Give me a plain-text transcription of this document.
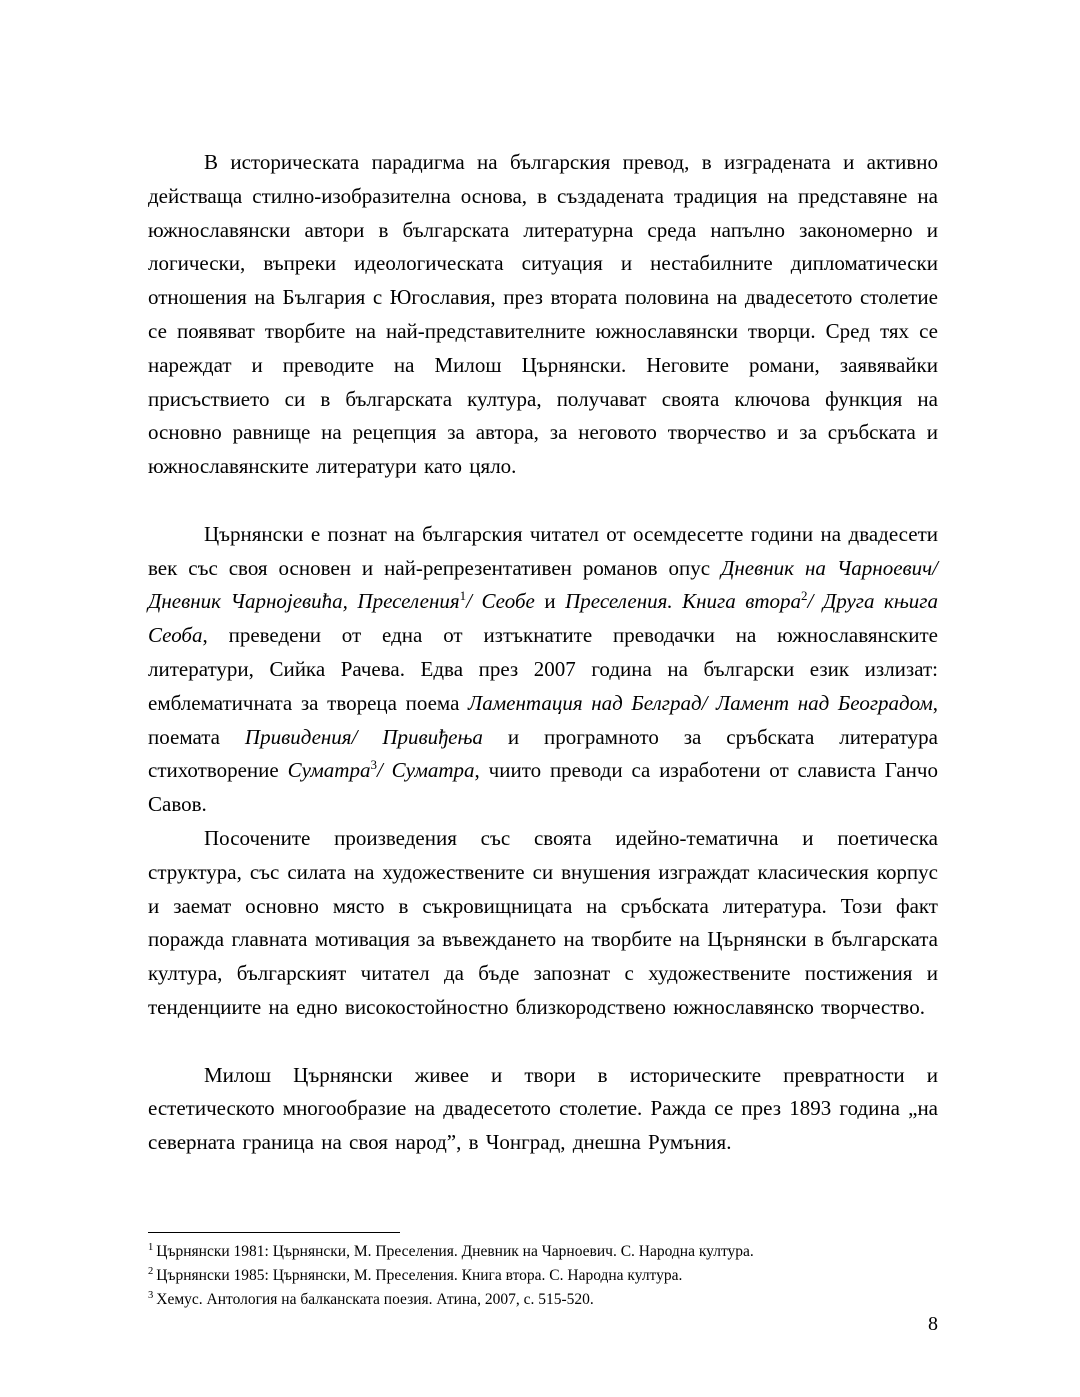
В историческата парадигма на българския превод, в изградената и активно действаща стилно-изобразителна основа, в създадената традиция на представяне на южнославянски автори в българската литературна среда напълно закономерно и логически, въпреки идеологическата ситуация и нестабилните дипломатически отношения на България с Югославия, през втората половина на двадесетото столетие се появяват творбите на най-представителните южнославянски творци. Сред тях се нареждат и преводите на Милош Църнянски. Неговите романи, заявявайки присъствието си в българската култура, получават своята ключова функция на основно равнище на рецепция за автора, за неговото творчество и за сръбската и южнославянските литератури като цяло.

Църнянски е познат на българския читател от осемдесетте години на двадесети век със своя основен и най-репрезентативен романов опус Дневник на Чарноевич/ Дневник Чарнојевића, Преселения$^1$/ Сеобе и Преселения. Книга втора$^2$/ Друга књига Сеоба, преведени от една от изтъкнатите преводачки на южнославянските литератури, Сийка Рачева. Едва през 2007 година на български език излизат: емблематичната за твореца поема Ламентация над Белград/ Ламент над Београдом, поемата Привидения/ Привиђења и програмното за сръбската литература стихотворение Суматра$^3$/ Суматра, чиито преводи са изработени от слависта Ганчо Савов.

Посочените произведения със своята идейно-тематична и поетическа структура, със силата на художествените си внушения изграждат класическия корпус и заемат основно място в съкровищницата на сръбската литература. Този факт поражда главната мотивация за въвеждането на творбите на Църнянски в българската култура, българският читател да бъде запознат с художествените постижения и тенденциите на едно високостойностно близкородствено южнославянско творчество.

Милош Църнянски живее и твори в историческите превратности и естетическото многообразие на двадесетото столетие. Ражда се през 1893 година „на северната граница на своя народ”, в Чонград, днешна Румъния.

$^1$ Църнянски 1981: Църнянски, М. Преселения. Дневник на Чарноевич. С. Народна култура.
$^2$ Църнянски 1985: Църнянски, М. Преселения. Книга втора. С. Народна култура.
$^3$ Хемус. Антология на балканската поезия. Атина, 2007, с. 515-520.
8
